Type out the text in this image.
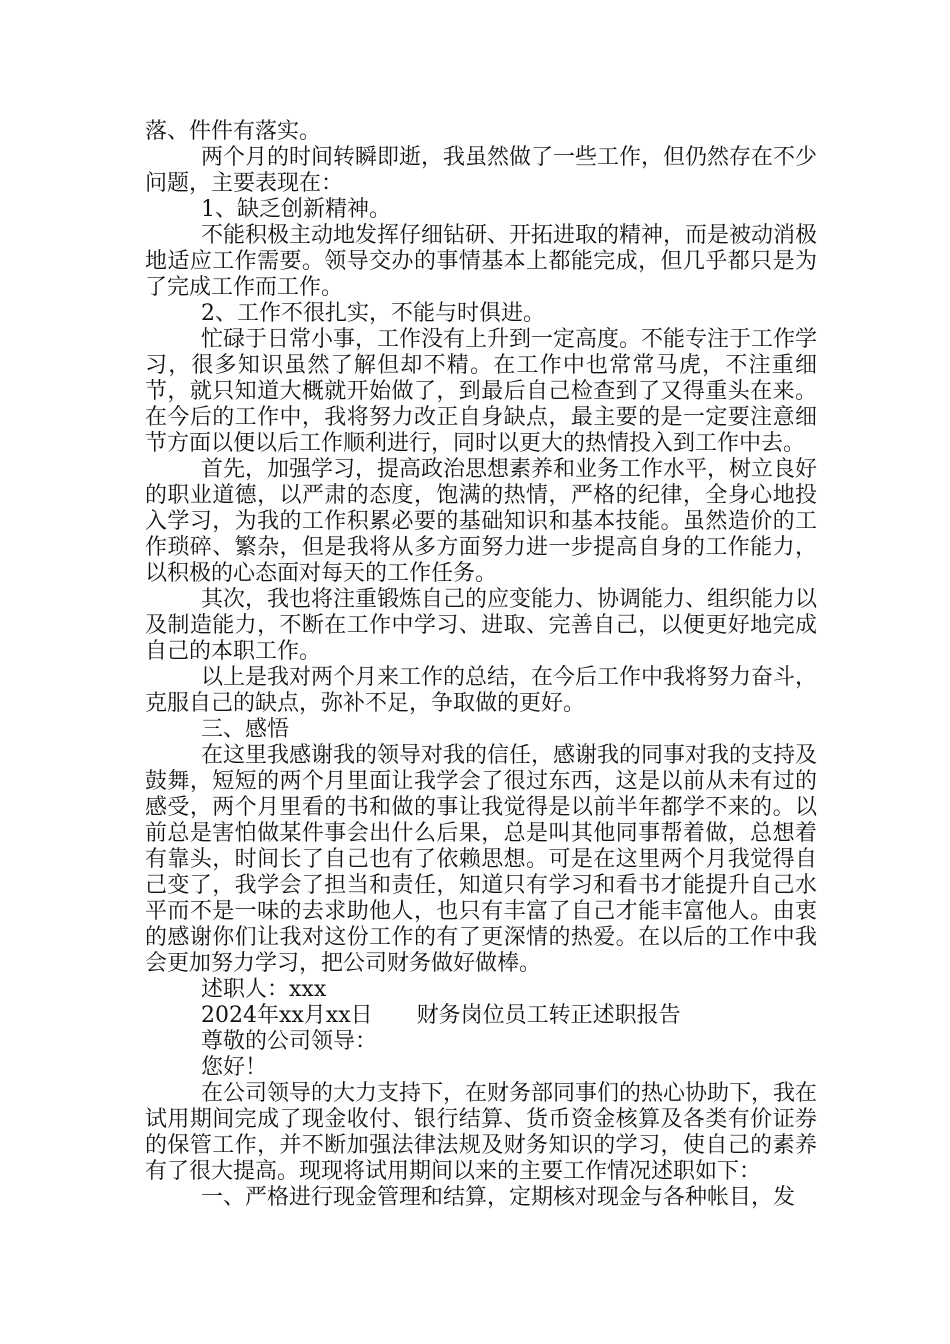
落、件件有落实。

两个月的时间转瞬即逝，我虽然做了一些工作，但仍然存在不少问题，主要表现在：

1、缺乏创新精神。

不能积极主动地发挥仔细钻研、开拓进取的精神，而是被动消极地适应工作需要。领导交办的事情基本上都能完成，但几乎都只是为了完成工作而工作。

2、工作不很扎实，不能与时俱进。

忙碌于日常小事，工作没有上升到一定高度。不能专注于工作学习，很多知识虽然了解但却不精。在工作中也常常马虎，不注重细节，就只知道大概就开始做了，到最后自己检查到了又得重头在来。在今后的工作中，我将努力改正自身缺点，最主要的是一定要注意细节方面以便以后工作顺利进行，同时以更大的热情投入到工作中去。

首先，加强学习，提高政治思想素养和业务工作水平，树立良好的职业道德，以严肃的态度，饱满的热情，严格的纪律，全身心地投入学习，为我的工作积累必要的基础知识和基本技能。虽然造价的工作琐碎、繁杂，但是我将从多方面努力进一步提高自身的工作能力，以积极的心态面对每天的工作任务。

其次，我也将注重锻炼自己的应变能力、协调能力、组织能力以及制造能力，不断在工作中学习、进取、完善自己，以便更好地完成自己的本职工作。

以上是我对两个月来工作的总结，在今后工作中我将努力奋斗，克服自己的缺点，弥补不足，争取做的更好。

三、感悟

在这里我感谢我的领导对我的信任，感谢我的同事对我的支持及鼓舞，短短的两个月里面让我学会了很过东西，这是以前从未有过的感受，两个月里看的书和做的事让我觉得是以前半年都学不来的。以前总是害怕做某件事会出什么后果，总是叫其他同事帮着做，总想着有靠头，时间长了自己也有了依赖思想。可是在这里两个月我觉得自己变了，我学会了担当和责任，知道只有学习和看书才能提升自己水平而不是一味的去求助他人，也只有丰富了自己才能丰富他人。由衷的感谢你们让我对这份工作的有了更深情的热爱。在以后的工作中我会更加努力学习，把公司财务做好做棒。

述职人：xxx

2024年xx月xx日 财务岗位员工转正述职报告

尊敬的公司领导：

您好！

在公司领导的大力支持下，在财务部同事们的热心协助下，我在试用期间完成了现金收付、银行结算、货币资金核算及各类有价证券的保管工作，并不断加强法律法规及财务知识的学习，使自己的素养有了很大提高。现现将试用期间以来的主要工作情况述职如下：

一、严格进行现金管理和结算，定期核对现金与各种帐目，发
